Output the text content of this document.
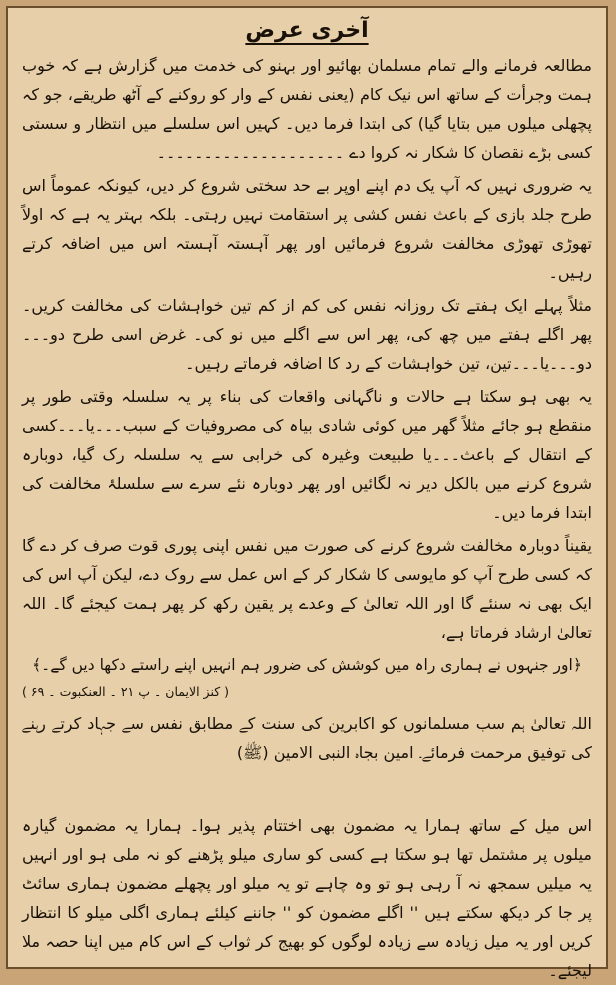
آخری عرض

مطالعہ فرمانے والے تمام مسلمان بھائیو اور بہنو کی خدمت میں گزارش ہے کہ خوب ہمت وجرأت کے ساتھ اس نیک کام (یعنی نفس کے وار کو روکنے کے آٹھ طریقے، جو کہ پچھلی میلوں میں بتایا گیا) کی ابتدا فرما دیں۔ کہیں اس سلسلے میں انتظار و سستی کسی بڑے نقصان کا شکار نہ کروا دے ۔۔۔۔۔۔۔۔۔۔۔۔۔۔۔۔۔۔۔۔

یہ ضروری نہیں کہ آپ یک دم اپنے اوپر بے حد سختی شروع کر دیں، کیونکہ عموماً اس طرح جلد بازی کے باعث نفس کشی پر استقامت نہیں رہتی۔ بلکہ بہتر یہ ہے کہ اولاً تھوڑی تھوڑی مخالفت شروع فرمائیں اور پھر آہستہ آہستہ اس میں اضافہ کرتے رہیں۔

مثلاً پہلے ایک ہفتے تک روزانہ نفس کی کم از کم تین خواہشات کی مخالفت کریں۔ پھر اگلے ہفتے میں چھ کی، پھر اس سے اگلے میں نو کی۔ غرض اسی طرح دو۔۔۔دو۔۔۔یا۔۔۔تین، تین خواہشات کے رد کا اضافہ فرماتے رہیں۔

یہ بھی ہو سکتا ہے حالات و ناگہانی واقعات کی بناء پر یہ سلسلہ وقتی طور پر منقطع ہو جائے مثلاً گھر میں کوئی شادی بیاہ کی مصروفیات کے سبب۔۔۔یا۔۔۔کسی کے انتقال کے باعث۔۔۔یا طبیعت وغیرہ کی خرابی سے یہ سلسلہ رک گیا، دوبارہ شروع کرنے میں بالکل دیر نہ لگائیں اور پھر دوبارہ نئے سرے سے سلسلۂ مخالفت کی ابتدا فرما دیں۔

یقیناً دوبارہ مخالفت شروع کرنے کی صورت میں نفس اپنی پوری قوت صرف کر دے گا کہ کسی طرح آپ کو مایوسی کا شکار کر کے اس عمل سے روک دے، لیکن آپ اس کی ایک بھی نہ سنئے گا اور اللہ تعالیٰ کے وعدے پر یقین رکھ کر پھر ہمت کیجئے گا۔ اللہ تعالیٰ ارشاد فرماتا ہے،

﴿اور جنہوں نے ہماری راہ میں کوشش کی ضرور ہم انہیں اپنے راستے دکھا دیں گے۔﴾

( کنز الایمان ۔ پ ۲۱ ۔ العنکبوت ۔ ۶۹ )

اللہ تعالیٰ ہم سب مسلمانوں کو اکابرین کی سنت کے مطابق نفس سے جہاد کرتے رہنے کی توفیق مرحمت فرمائے۔ امین بجاہ النبی الامین (ﷺ)

اس میل کے ساتھ ہمارا یہ مضمون بھی اختتام پذیر ہوا۔ ہمارا یہ مضمون گیارہ میلوں پر مشتمل تھا ہو سکتا ہے کسی کو ساری میلو پڑھنے کو نہ ملی ہو اور انہیں یہ میلیں سمجھ نہ آ رہی ہو تو وہ چاہے تو یہ میلو اور پچھلے مضمون ہماری سائٹ پر جا کر دیکھ سکتے ہیں '' اگلے مضمون کو '' جاننے کیلئے ہماری اگلی میلو کا انتظار کریں اور یہ میل زیادہ سے زیادہ لوگوں کو بھیج کر ثواب کے اس کام میں اپنا حصہ ملا لیجئے۔
